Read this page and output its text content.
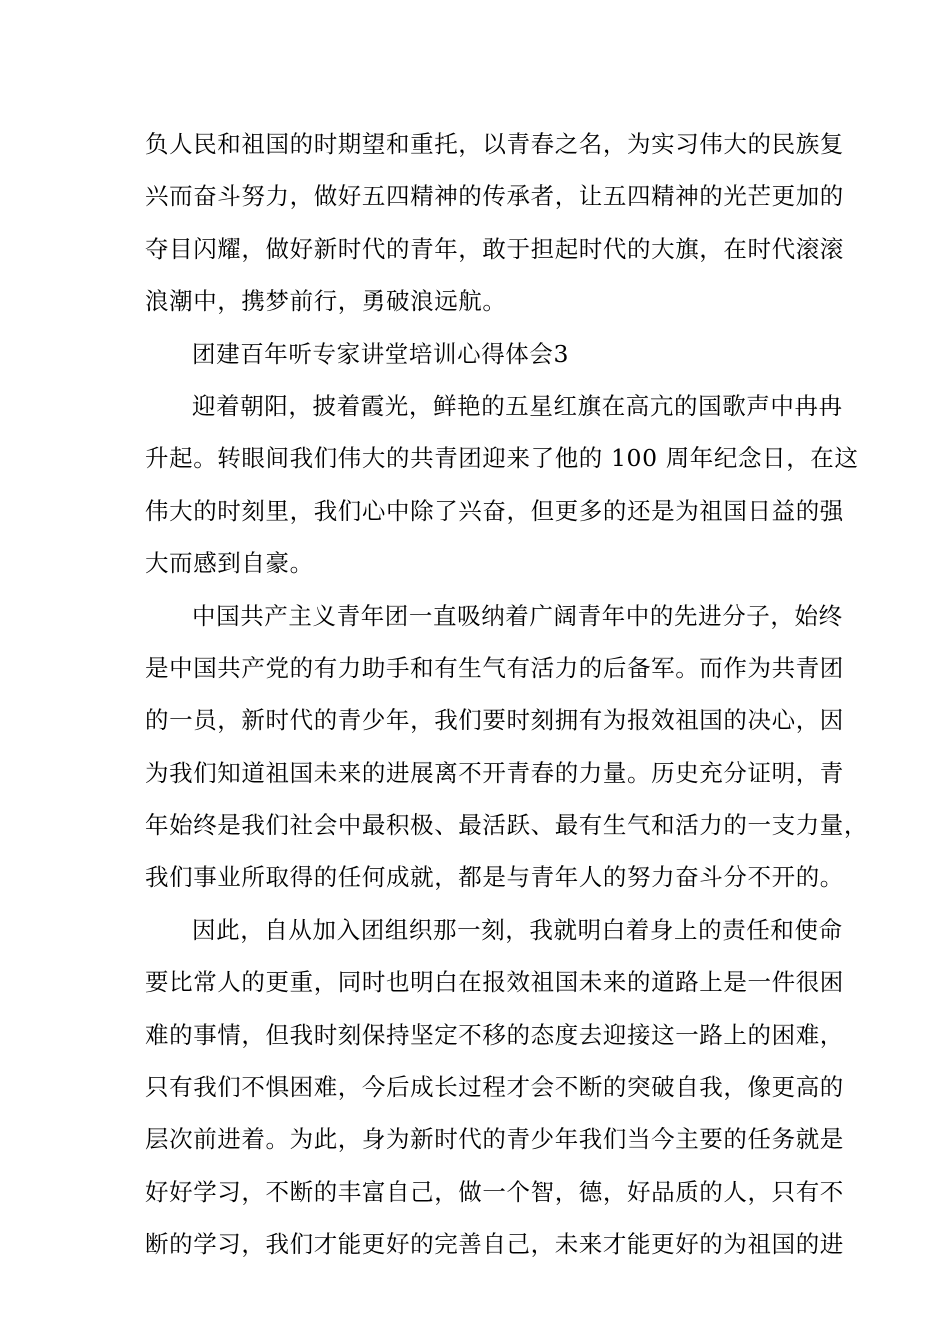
负人民和祖国的时期望和重托，以青春之名，为实习伟大的民族复
兴而奋斗努力，做好五四精神的传承者，让五四精神的光芒更加的
夺目闪耀，做好新时代的青年，敢于担起时代的大旗，在时代滚滚
浪潮中，携梦前行，勇破浪远航。
团建百年听专家讲堂培训心得体会3
迎着朝阳，披着霞光，鲜艳的五星红旗在高亢的国歌声中冉冉
升起。转眼间我们伟大的共青团迎来了他的 100 周年纪念日，在这
伟大的时刻里，我们心中除了兴奋，但更多的还是为祖国日益的强
大而感到自豪。
中国共产主义青年团一直吸纳着广阔青年中的先进分子，始终
是中国共产党的有力助手和有生气有活力的后备军。而作为共青团
的一员，新时代的青少年，我们要时刻拥有为报效祖国的决心，因
为我们知道祖国未来的进展离不开青春的力量。历史充分证明，青
年始终是我们社会中最积极、最活跃、最有生气和活力的一支力量，
我们事业所取得的任何成就，都是与青年人的努力奋斗分不开的。
因此，自从加入团组织那一刻，我就明白着身上的责任和使命
要比常人的更重，同时也明白在报效祖国未来的道路上是一件很困
难的事情，但我时刻保持坚定不移的态度去迎接这一路上的困难，
只有我们不惧困难，今后成长过程才会不断的突破自我，像更高的
层次前进着。为此，身为新时代的青少年我们当今主要的任务就是
好好学习，不断的丰富自己，做一个智，德，好品质的人，只有不
断的学习，我们才能更好的完善自己，未来才能更好的为祖国的进
